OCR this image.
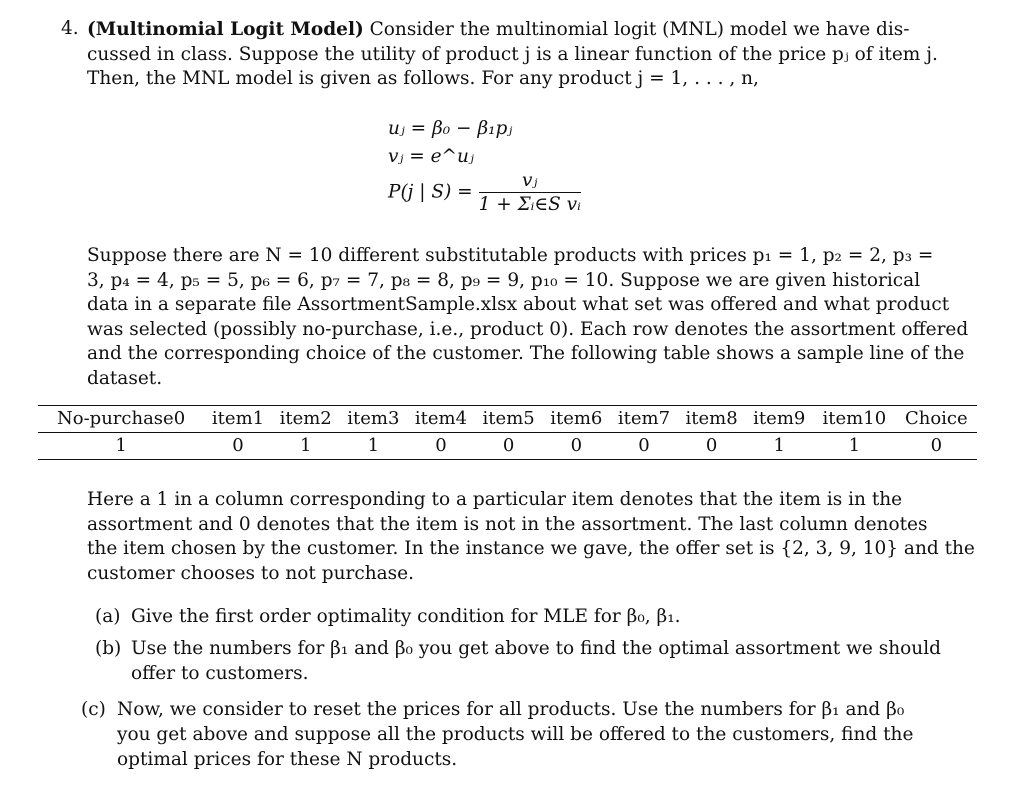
4. (Multinomial Logit Model) Consider the multinomial logit (MNL) model we have dis-
cussed in class. Suppose the utility of product j is a linear function of the price pⱼ of item j.
Then, the MNL model is given as follows. For any product j = 1, . . . , n,
uⱼ = β₀ − β₁pⱼ
vⱼ = e^uⱼ
P(j | $S) = \frac{\text{vⱼ}}{\text{1 + Σᵢ∈S vᵢ}}$
Suppose there are N = 10 different substitutable products with prices p₁ = 1, p₂ = 2, p₃ =
3, p₄ = 4, p₅ = 5, p₆ = 6, p₇ = 7, p₈ = 8, p₉ = 9, p₁₀ = 10. Suppose we are given historical
data in a separate file AssortmentSample.xlsx about what set was offered and what product
was selected (possibly no-purchase, i.e., product 0). Each row denotes the assortment offered
and the corresponding choice of the customer. The following table shows a sample line of the
dataset.
No-purchase0	item1	item2	item3	item4	item5	item6	item7	item8	item9	item10	Choice
1	0	1	1	0	0	0	0	0	1	1	0
Here a 1 in a column corresponding to a particular item denotes that the item is in the
assortment and 0 denotes that the item is not in the assortment. The last column denotes
the item chosen by the customer. In the instance we gave, the offer set is {2, 3, 9, 10} and the
customer chooses to not purchase.
(a) Give the first order optimality condition for MLE for β₀, β₁.
(b) Use the numbers for β₁ and β₀ you get above to find the optimal assortment we should
offer to customers.
(c) Now, we consider to reset the prices for all products. Use the numbers for β₁ and β₀
you get above and suppose all the products will be offered to the customers, find the
optimal prices for these N products.
